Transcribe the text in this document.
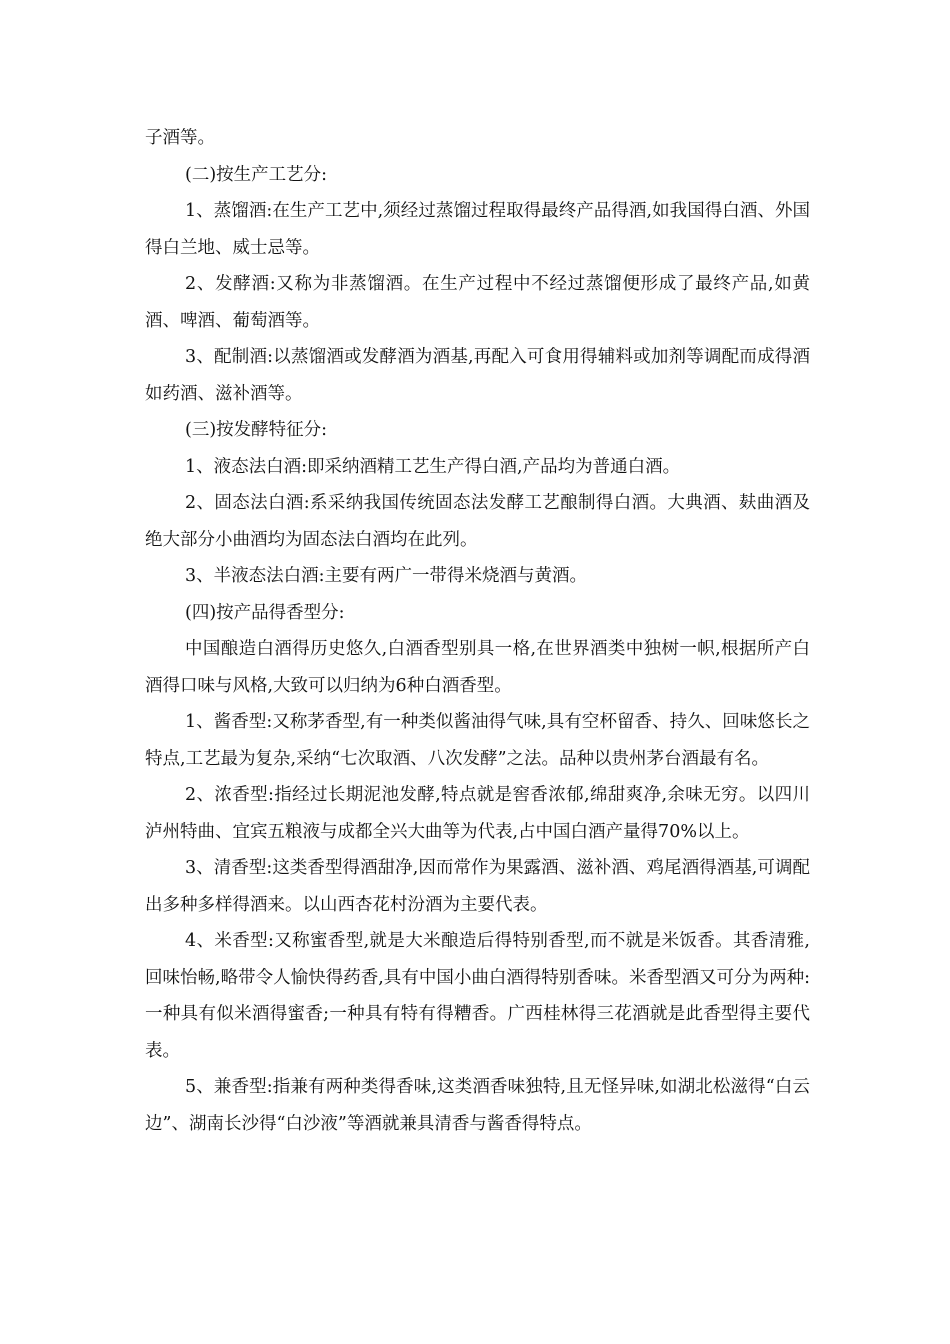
子酒等。

(二)按生产工艺分:

1、蒸馏酒:在生产工艺中,须经过蒸馏过程取得最终产品得酒,如我国得白酒、外国得白兰地、威士忌等。

2、发酵酒:又称为非蒸馏酒。在生产过程中不经过蒸馏便形成了最终产品,如黄酒、啤酒、葡萄酒等。

3、配制酒:以蒸馏酒或发酵酒为酒基,再配入可食用得辅料或加剂等调配而成得酒如药酒、滋补酒等。

(三)按发酵特征分:

1、液态法白酒:即采纳酒精工艺生产得白酒,产品均为普通白酒。

2、固态法白酒:系采纳我国传统固态法发酵工艺酿制得白酒。大典酒、麸曲酒及绝大部分小曲酒均为固态法白酒均在此列。

3、半液态法白酒:主要有两广一带得米烧酒与黄酒。

(四)按产品得香型分:

中国酿造白酒得历史悠久,白酒香型别具一格,在世界酒类中独树一帜,根据所产白酒得口味与风格,大致可以归纳为6种白酒香型。

1、酱香型:又称茅香型,有一种类似酱油得气味,具有空杯留香、持久、回味悠长之特点,工艺最为复杂,采纳“七次取酒、八次发酵”之法。品种以贵州茅台酒最有名。

2、浓香型:指经过长期泥池发酵,特点就是窖香浓郁,绵甜爽净,余味无穷。以四川泸州特曲、宜宾五粮液与成都全兴大曲等为代表,占中国白酒产量得70%以上。

3、清香型:这类香型得酒甜净,因而常作为果露酒、滋补酒、鸡尾酒得酒基,可调配出多种多样得酒来。以山西杏花村汾酒为主要代表。

4、米香型:又称蜜香型,就是大米酿造后得特别香型,而不就是米饭香。其香清雅,回味怡畅,略带令人愉快得药香,具有中国小曲白酒得特别香味。米香型酒又可分为两种:一种具有似米酒得蜜香;一种具有特有得糟香。广西桂林得三花酒就是此香型得主要代表。

5、兼香型:指兼有两种类得香味,这类酒香味独特,且无怪异味,如湖北松滋得“白云边”、湖南长沙得“白沙液”等酒就兼具清香与酱香得特点。
